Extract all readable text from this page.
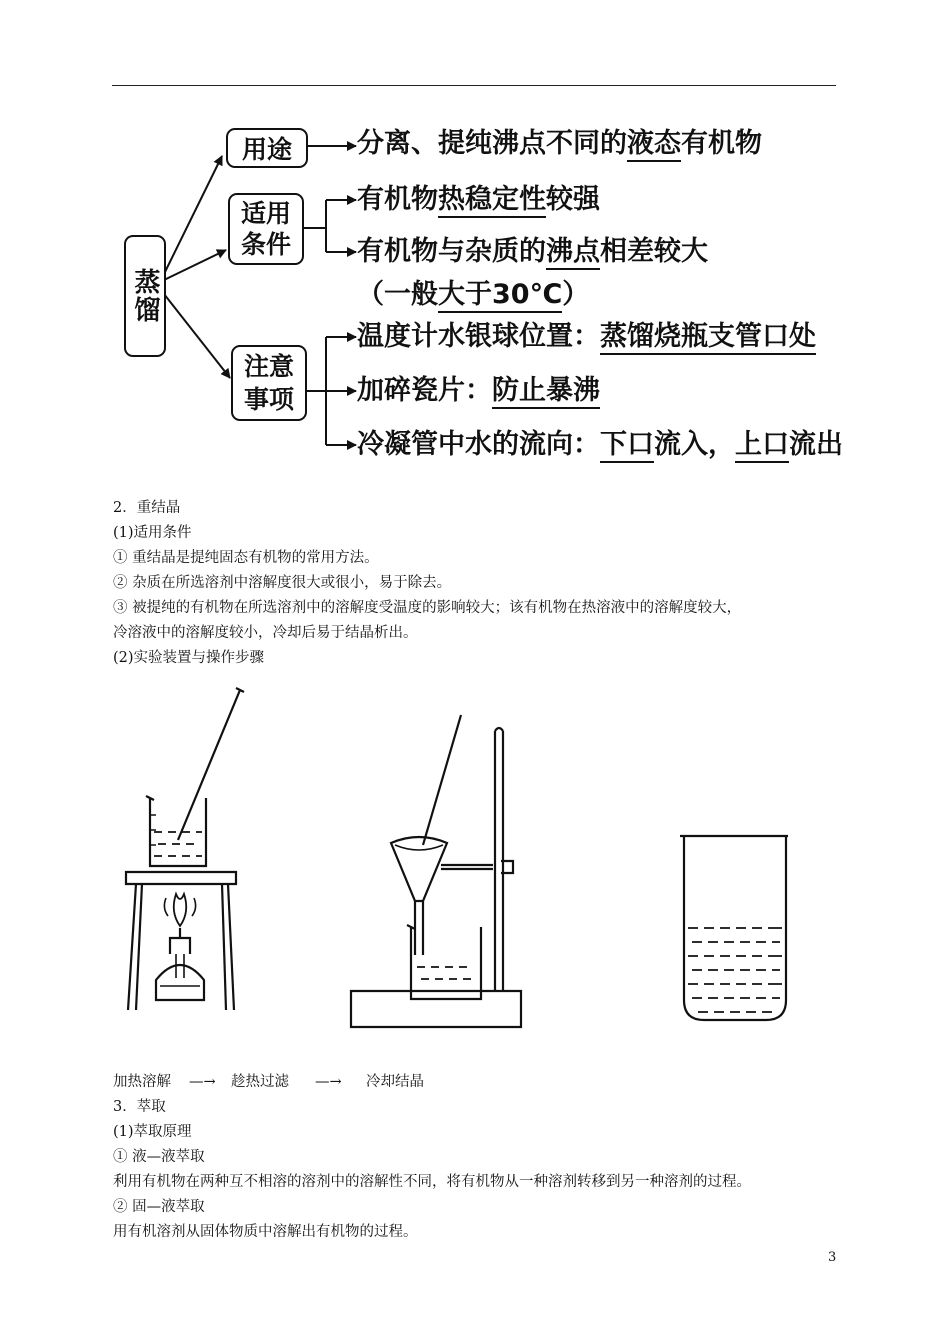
蒸馏
用途
适用
条件
注意
事项
分离、提纯沸点不同的液态有机物
有机物热稳定性较强
有机物与杂质的沸点相差较大
（一般大于30℃）
温度计水银球位置：蒸馏烧瓶支管口处
加碎瓷片：防止暴沸
冷凝管中水的流向：下口流入，上口流出
2．重结晶
(1)适用条件
① 重结晶是提纯固态有机物的常用方法。
② 杂质在所选溶剂中溶解度很大或很小，易于除去。
③ 被提纯的有机物在所选溶剂中的溶解度受温度的影响较大；该有机物在热溶液中的溶解度较大，
冷溶液中的溶解度较小，冷却后易于结晶析出。
(2)实验装置与操作步骤
加热溶解 —→ 趁热过滤 —→ 冷却结晶
3．萃取
(1)萃取原理
① 液—液萃取
利用有机物在两种互不相溶的溶剂中的溶解性不同，将有机物从一种溶剂转移到另一种溶剂的过程。
② 固—液萃取
用有机溶剂从固体物质中溶解出有机物的过程。
3
